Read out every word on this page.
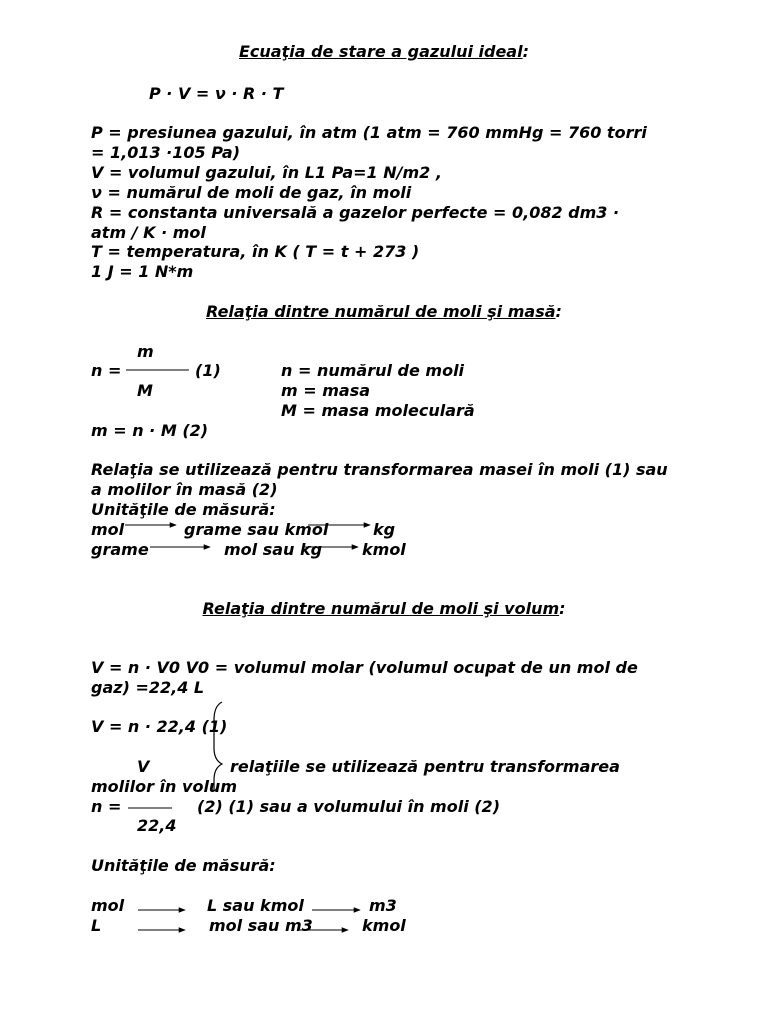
Ecuaţia de stare a gazului ideal:
P · V = ν · R · T
P = presiunea gazului, în atm (1 atm = 760 mmHg = 760 torri
= 1,013 ·105 Pa)
V = volumul gazului, în L1 Pa=1 N/m2 ,
ν = numărul de moli de gaz, în moli
R = constanta universală a gazelor perfecte = 0,082 dm3 ·
atm / K · mol
T = temperatura, în K ( T = t + 273 )
1 J = 1 N*m
Relaţia dintre numărul de moli şi masă:
m
n =	(1)	n = numărul de moli
M	m = masa
M = masa moleculară
m = n · M (2)
Relaţia se utilizează pentru transformarea masei în moli (1) sau
a molilor în masă (2)
Unităţile de măsură:
mol	grame sau kmol	kg
grame	mol sau kg kmol
Relaţia dintre numărul de moli şi volum:
V = n · V0 V0 = volumul molar (volumul ocupat de un mol de
gaz) =22,4 L
V = n · 22,4 (1)
V	relaţiile se utilizează pentru transformarea
molilor în volum
n =	(2) (1) sau a volumului în moli (2)
22,4
Unităţile de măsură:
mol	L sau kmol	m3
L	mol sau m3	kmol
